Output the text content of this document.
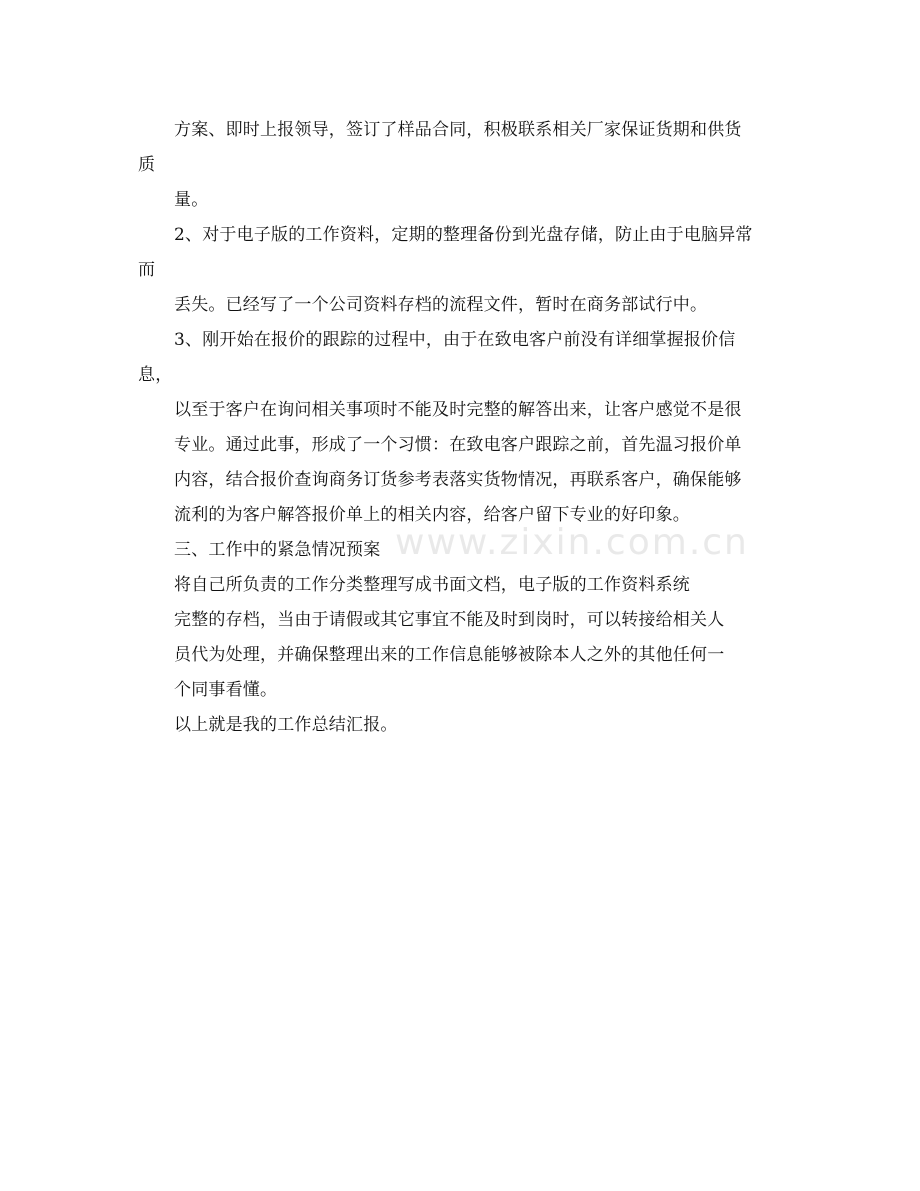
www.zixin.com.cn
方案、即时上报领导，签订了样品合同，积极联系相关厂家保证货期和供货
质
量。
2、对于电子版的工作资料，定期的整理备份到光盘存储，防止由于电脑异常
而
丢失。已经写了一个公司资料存档的流程文件，暂时在商务部试行中。
3、刚开始在报价的跟踪的过程中，由于在致电客户前没有详细掌握报价信
息，
以至于客户在询问相关事项时不能及时完整的解答出来，让客户感觉不是很
专业。通过此事，形成了一个习惯：在致电客户跟踪之前，首先温习报价单
内容，结合报价查询商务订货参考表落实货物情况，再联系客户，确保能够
流利的为客户解答报价单上的相关内容，给客户留下专业的好印象。
三、工作中的紧急情况预案
将自己所负责的工作分类整理写成书面文档，电子版的工作资料系统
完整的存档，当由于请假或其它事宜不能及时到岗时，可以转接给相关人
员代为处理，并确保整理出来的工作信息能够被除本人之外的其他任何一
个同事看懂。
以上就是我的工作总结汇报。
